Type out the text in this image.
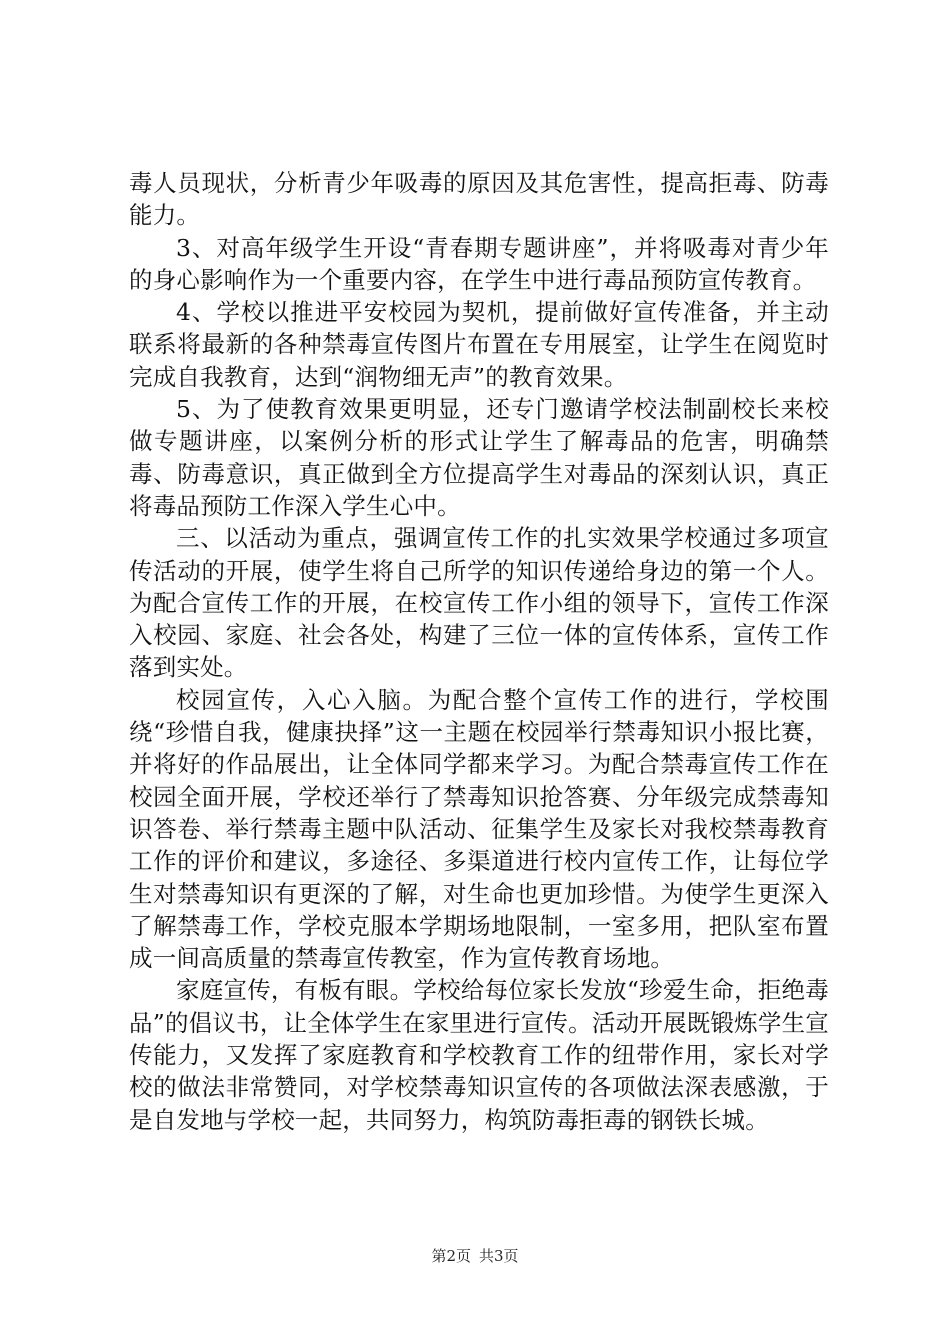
毒人员现状，分析青少年吸毒的原因及其危害性，提高拒毒、防毒能力。

3、对高年级学生开设“青春期专题讲座”，并将吸毒对青少年的身心影响作为一个重要内容，在学生中进行毒品预防宣传教育。

4、学校以推进平安校园为契机，提前做好宣传准备，并主动联系将最新的各种禁毒宣传图片布置在专用展室，让学生在阅览时完成自我教育，达到“润物细无声”的教育效果。

5、为了使教育效果更明显，还专门邀请学校法制副校长来校做专题讲座，以案例分析的形式让学生了解毒品的危害，明确禁毒、防毒意识，真正做到全方位提高学生对毒品的深刻认识，真正将毒品预防工作深入学生心中。

三、以活动为重点，强调宣传工作的扎实效果学校通过多项宣传活动的开展，使学生将自己所学的知识传递给身边的第一个人。为配合宣传工作的开展，在校宣传工作小组的领导下，宣传工作深入校园、家庭、社会各处，构建了三位一体的宣传体系，宣传工作落到实处。

校园宣传，入心入脑。为配合整个宣传工作的进行，学校围绕“珍惜自我，健康抉择”这一主题在校园举行禁毒知识小报比赛，并将好的作品展出，让全体同学都来学习。为配合禁毒宣传工作在校园全面开展，学校还举行了禁毒知识抢答赛、分年级完成禁毒知识答卷、举行禁毒主题中队活动、征集学生及家长对我校禁毒教育工作的评价和建议，多途径、多渠道进行校内宣传工作，让每位学生对禁毒知识有更深的了解，对生命也更加珍惜。为使学生更深入了解禁毒工作，学校克服本学期场地限制，一室多用，把队室布置成一间高质量的禁毒宣传教室，作为宣传教育场地。

家庭宣传，有板有眼。学校给每位家长发放“珍爱生命，拒绝毒品”的倡议书，让全体学生在家里进行宣传。活动开展既锻炼学生宣传能力，又发挥了家庭教育和学校教育工作的纽带作用，家长对学校的做法非常赞同，对学校禁毒知识宣传的各项做法深表感激，于是自发地与学校一起，共同努力，构筑防毒拒毒的钢铁长城。

第2页 共3页
